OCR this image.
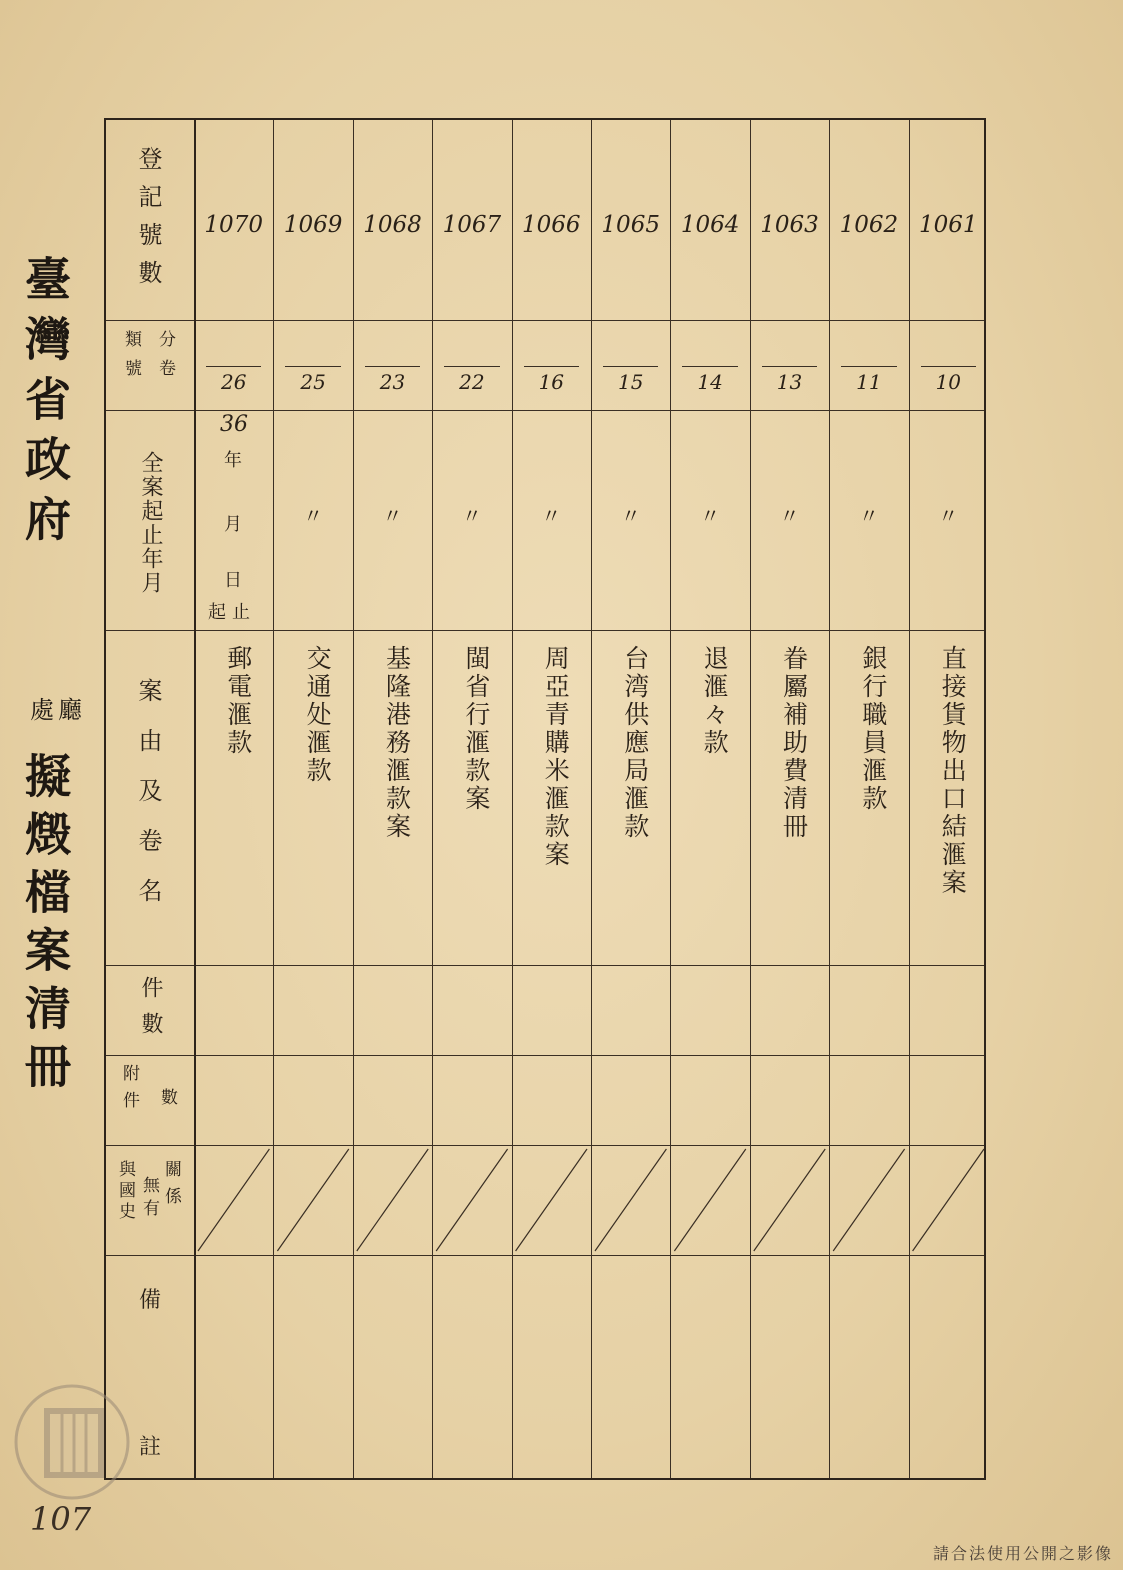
臺灣省政府
處廳
擬燬檔案清冊
登記號數
分卷
類號
全案起止年月
案由及卷名
件數
附件 數
與國史 無有 關係
備
註
36
年
月
日
起止
1070
26
郵電滙款
1069
25
〃
交通处滙款
1068
23
〃
基隆港務滙款案
1067
22
〃
閩省行滙款案
1066
16
〃
周亞青購米滙款案
1065
15
〃
台湾供應局滙款
1064
14
〃
退滙々款
1063
13
〃
眷屬補助費清冊
1062
11
〃
銀行職員滙款
1061
10
〃
直接貨物出口結滙案
107
請合法使用公開之影像
